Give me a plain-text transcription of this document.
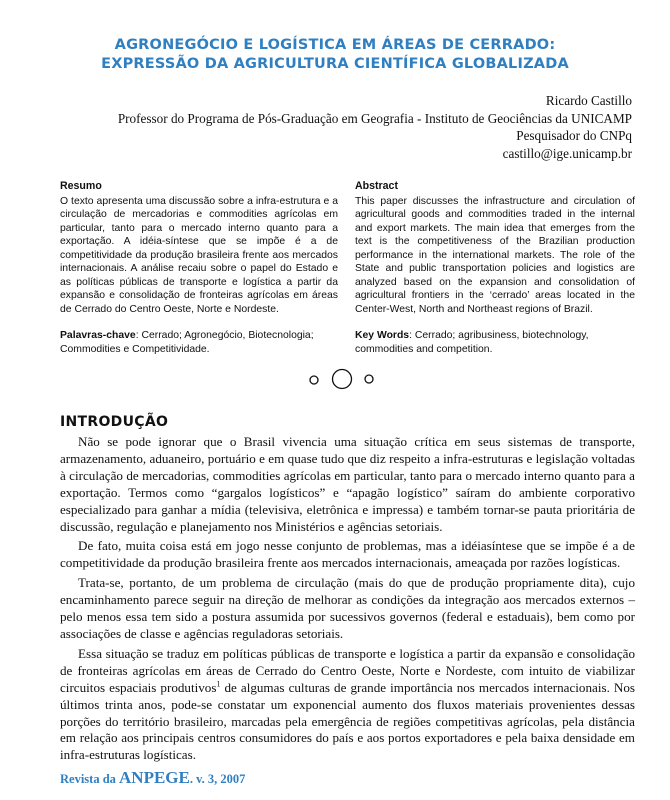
AGRONEGÓCIO E LOGÍSTICA EM ÁREAS DE CERRADO:
EXPRESSÃO DA AGRICULTURA CIENTÍFICA GLOBALIZADA
Ricardo Castillo
Professor do Programa de Pós-Graduação em Geografia - Instituto de Geociências da UNICAMP
Pesquisador do CNPq
castillo@ige.unicamp.br
Resumo

O texto apresenta uma discussão sobre a infra-estrutura e a circulação de mercadorias e commodities agrícolas em particular, tanto para o mercado interno quanto para a exportação. A idéia-síntese que se impõe é a de competitividade da produção brasileira frente aos mercados internacionais. A análise recaiu sobre o papel do Estado e as políticas públicas de transporte e logística a partir da expansão e consolidação de fronteiras agrícolas em áreas de Cerrado do Centro Oeste, Norte e Nordeste.

Palavras-chave: Cerrado; Agronegócio, Biotecnologia; Commodities e Competitividade.

Abstract

This paper discusses the infrastructure and circulation of agricultural goods and commodities traded in the internal and export markets. The main idea that emerges from the text is the competitiveness of the Brazilian production performance in the international markets. The role of the State and public transportation policies and logistics are analyzed based on the expansion and consolidation of agricultural frontiers in the ‘cerrado’ areas located in the Center-West, North and Northeast regions of Brazil.

Key Words: Cerrado; agribusiness, biotechnology, commodities and competition.

INTRODUÇÃO

Não se pode ignorar que o Brasil vivencia uma situação crítica em seus sistemas de transporte, armazenamento, aduaneiro, portuário e em quase tudo que diz respeito a infra-estruturas e legislação voltadas à circulação de mercadorias, commodities agrícolas em particular, tanto para o mercado interno quanto para a exportação. Termos como “gargalos logísticos” e “apagão logístico” saíram do ambiente corporativo especializado para ganhar a mídia (televisiva, eletrônica e impressa) e também tornar-se pauta prioritária de discussão, regulação e planejamento nos Ministérios e agências setoriais.

De fato, muita coisa está em jogo nesse conjunto de problemas, mas a idéiasíntese que se impõe é a de competitividade da produção brasileira frente aos mercados internacionais, ameaçada por razões logísticas.

Trata-se, portanto, de um problema de circulação (mais do que de produção propriamente dita), cujo encaminhamento parece seguir na direção de melhorar as condições da integração aos mercados externos – pelo menos essa tem sido a postura assumida por sucessivos governos (federal e estaduais), bem como por associações de classe e agências reguladoras setoriais.

Essa situação se traduz em políticas públicas de transporte e logística a partir da expansão e consolidação de fronteiras agrícolas em áreas de Cerrado do Centro Oeste, Norte e Nordeste, com intuito de viabilizar circuitos espaciais produtivos$^1$ de algumas culturas de grande importância nos mercados internacionais. Nos últimos trinta anos, pode-se constatar um exponencial aumento dos fluxos materiais provenientes dessas porções do território brasileiro, marcadas pela emergência de regiões competitivas agrícolas, pela distância em relação aos principais centros consumidores do país e aos portos exportadores e pela baixa densidade em infra-estruturas logísticas.

Revista da ANPEGE. v. 3, 2007
